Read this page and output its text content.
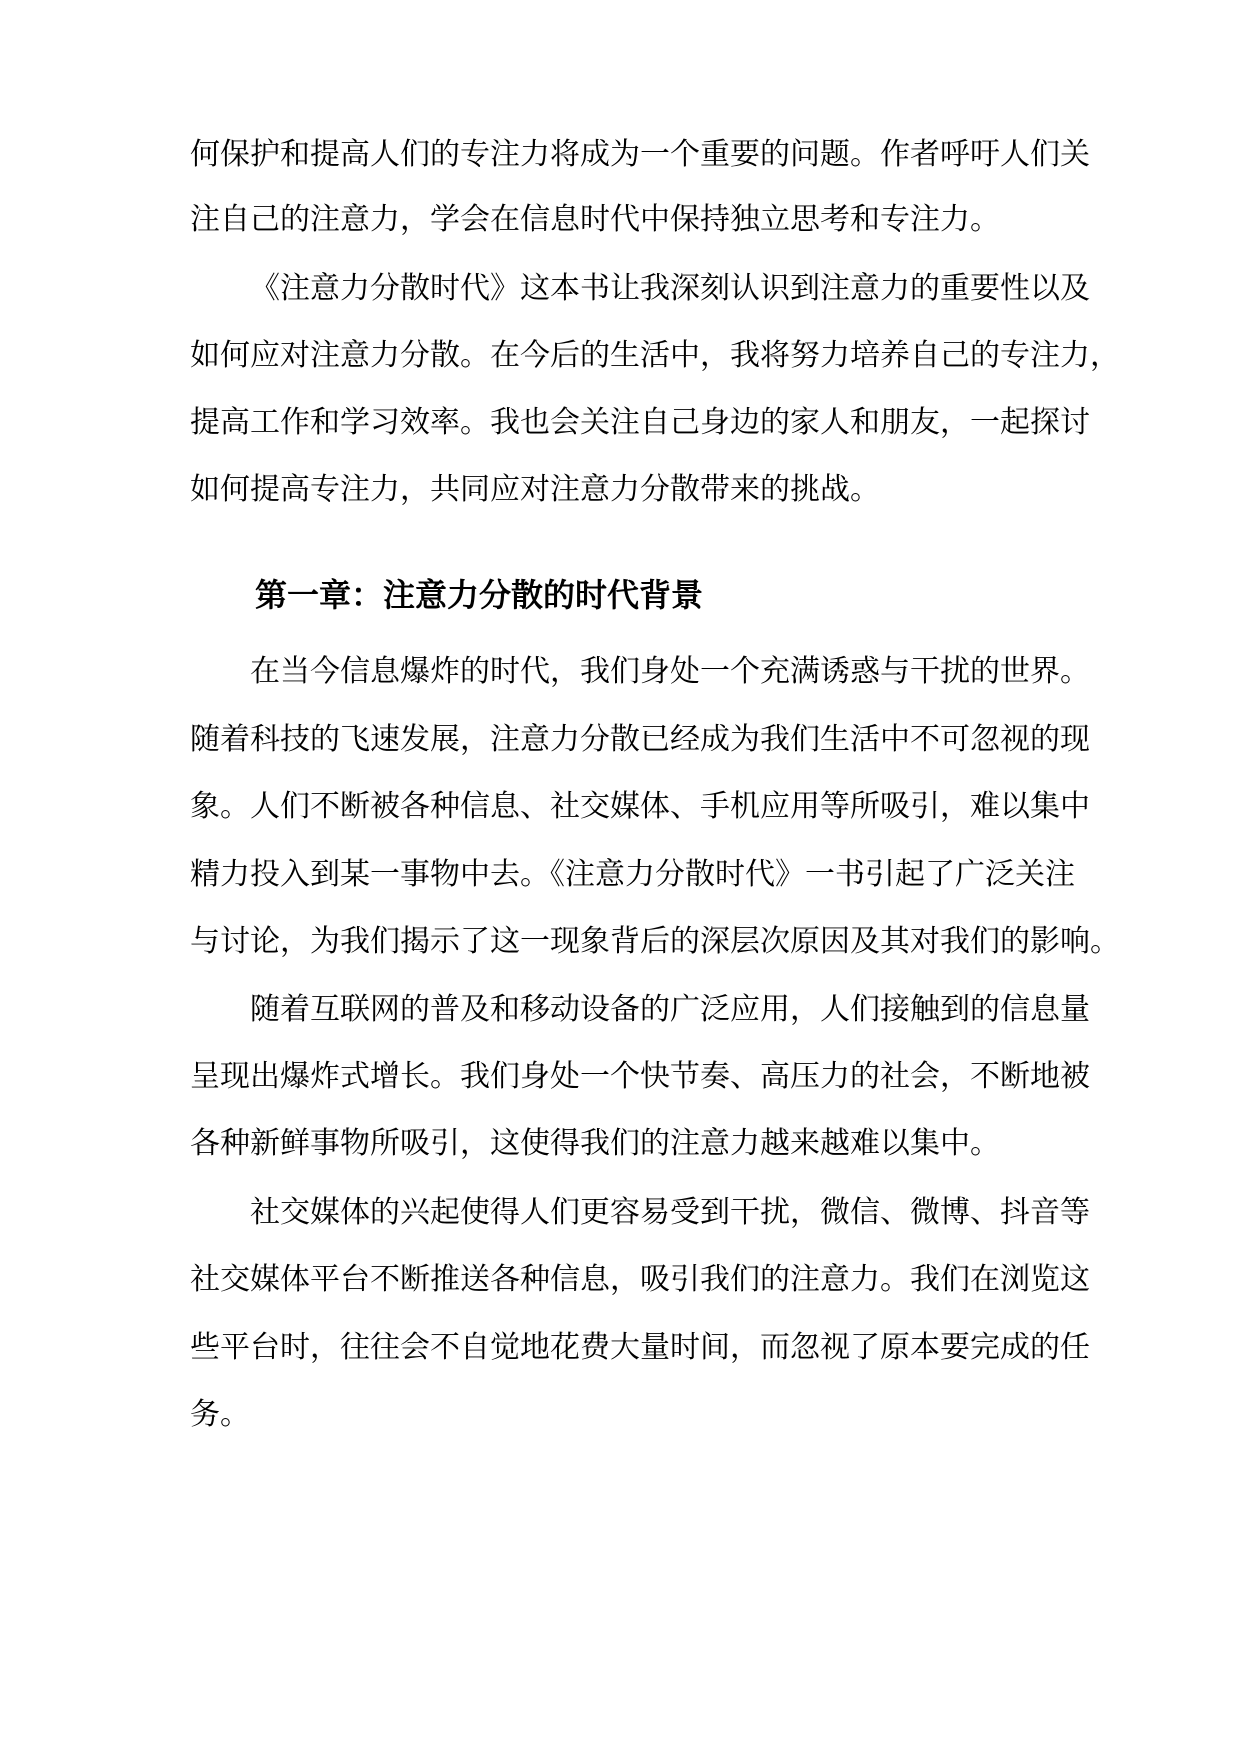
何保护和提高人们的专注力将成为一个重要的问题。作者呼吁人们关

注自己的注意力，学会在信息时代中保持独立思考和专注力。

《注意力分散时代》这本书让我深刻认识到注意力的重要性以及

如何应对注意力分散。在今后的生活中，我将努力培养自己的专注力，

提高工作和学习效率。我也会关注自己身边的家人和朋友，一起探讨

如何提高专注力，共同应对注意力分散带来的挑战。

第一章：注意力分散的时代背景

在当今信息爆炸的时代，我们身处一个充满诱惑与干扰的世界。

随着科技的飞速发展，注意力分散已经成为我们生活中不可忽视的现

象。人们不断被各种信息、社交媒体、手机应用等所吸引，难以集中

精力投入到某一事物中去。《注意力分散时代》一书引起了广泛关注

与讨论，为我们揭示了这一现象背后的深层次原因及其对我们的影响。

随着互联网的普及和移动设备的广泛应用，人们接触到的信息量

呈现出爆炸式增长。我们身处一个快节奏、高压力的社会，不断地被

各种新鲜事物所吸引，这使得我们的注意力越来越难以集中。

社交媒体的兴起使得人们更容易受到干扰，微信、微博、抖音等

社交媒体平台不断推送各种信息，吸引我们的注意力。我们在浏览这

些平台时，往往会不自觉地花费大量时间，而忽视了原本要完成的任

务。
